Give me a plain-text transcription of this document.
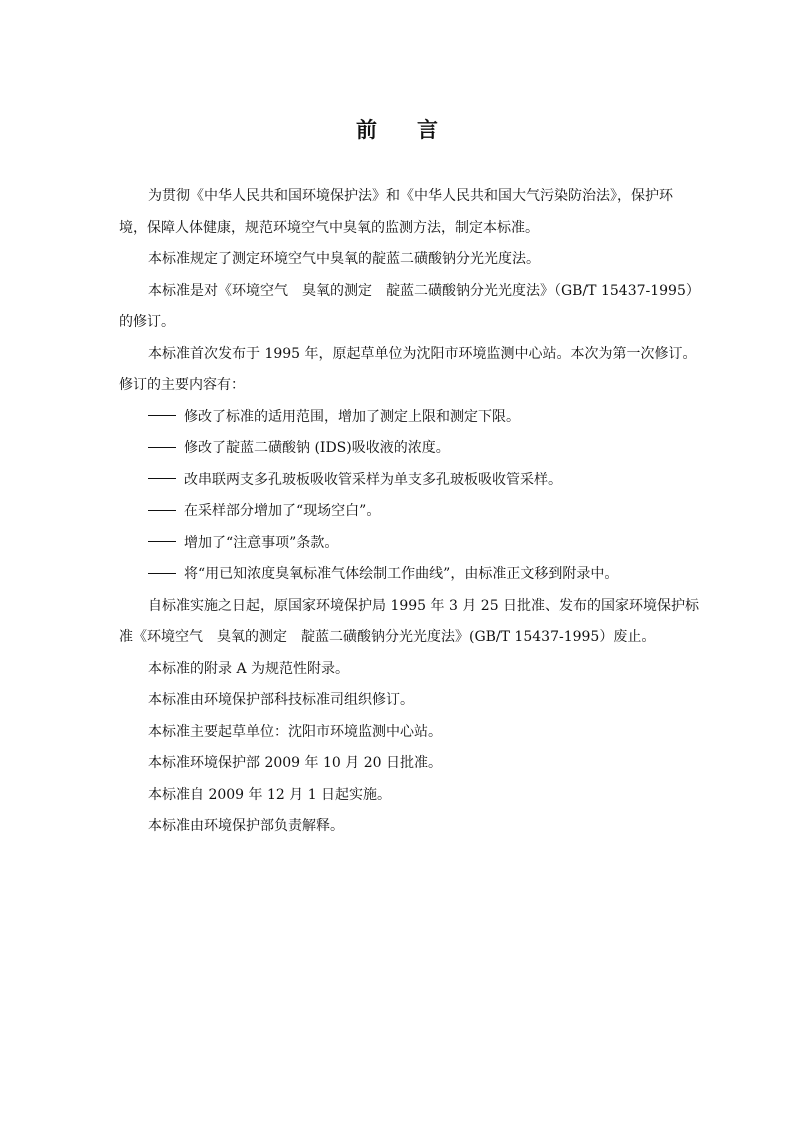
前 言
为贯彻《中华人民共和国环境保护法》和《中华人民共和国大气污染防治法》，保护环
境，保障人体健康，规范环境空气中臭氧的监测方法，制定本标准。
本标准规定了测定环境空气中臭氧的靛蓝二磺酸钠分光光度法。
本标准是对《环境空气　臭氧的测定　靛蓝二磺酸钠分光光度法》（GB/T 15437-1995）
的修订。
本标准首次发布于 1995 年，原起草单位为沈阳市环境监测中心站。本次为第一次修订。
修订的主要内容有：
修改了标准的适用范围，增加了测定上限和测定下限。
修改了靛蓝二磺酸钠 (IDS)吸收液的浓度。
改串联两支多孔玻板吸收管采样为单支多孔玻板吸收管采样。
在采样部分增加了“现场空白”。
增加了“注意事项”条款。
将“用已知浓度臭氧标准气体绘制工作曲线”，由标准正文移到附录中。
自标准实施之日起，原国家环境保护局 1995 年 3 月 25 日批准、发布的国家环境保护标
准《环境空气　臭氧的测定　靛蓝二磺酸钠分光光度法》(GB/T 15437-1995）废止。
本标准的附录 A 为规范性附录。
本标准由环境保护部科技标准司组织修订。
本标准主要起草单位：沈阳市环境监测中心站。
本标准环境保护部 2009 年 10 月 20 日批准。
本标准自 2009 年 12 月 1 日起实施。
本标准由环境保护部负责解释。
